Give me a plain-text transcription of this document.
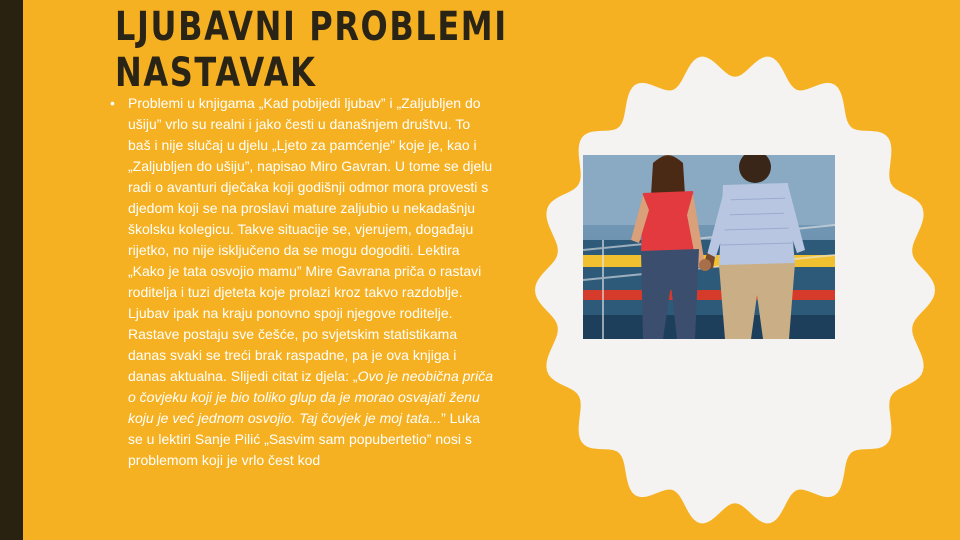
LJUBAVNI PROBLEMI
NASTAVAK
• Problemi u knjigama „Kad pobijedi ljubav” i „Zaljubljen do ušiju” vrlo su realni i jako česti u današnjem društvu. To baš i nije slučaj u djelu „Ljeto za pamćenje” koje je, kao i „Zaljubljen do ušiju”, napisao Miro Gavran. U tome se djelu radi o avanturi dječaka koji godišnji odmor mora provesti s djedom koji se na proslavi mature zaljubio u nekadašnju školsku kolegicu. Takve situacije se, vjerujem, događaju rijetko, no nije isključeno da se mogu dogoditi. Lektira „Kako je tata osvojio mamu” Mire Gavrana priča o rastavi roditelja i tuzi djeteta koje prolazi kroz takvo razdoblje. Ljubav ipak na kraju ponovno spoji njegove roditelje. Rastave postaju sve češće, po svjetskim statistikama danas svaki se treći brak raspadne, pa je ova knjiga i danas aktualna. Slijedi citat iz djela: „Ovo je neobična priča o čovjeku koji je bio toliko glup da je morao osvajati ženu koju je već jednom osvojio. Taj čovjek je moj tata...” Luka se u lektiri Sanje Pilić „Sasvim sam popubertetio” nosi s problemom koji je vrlo čest kod
